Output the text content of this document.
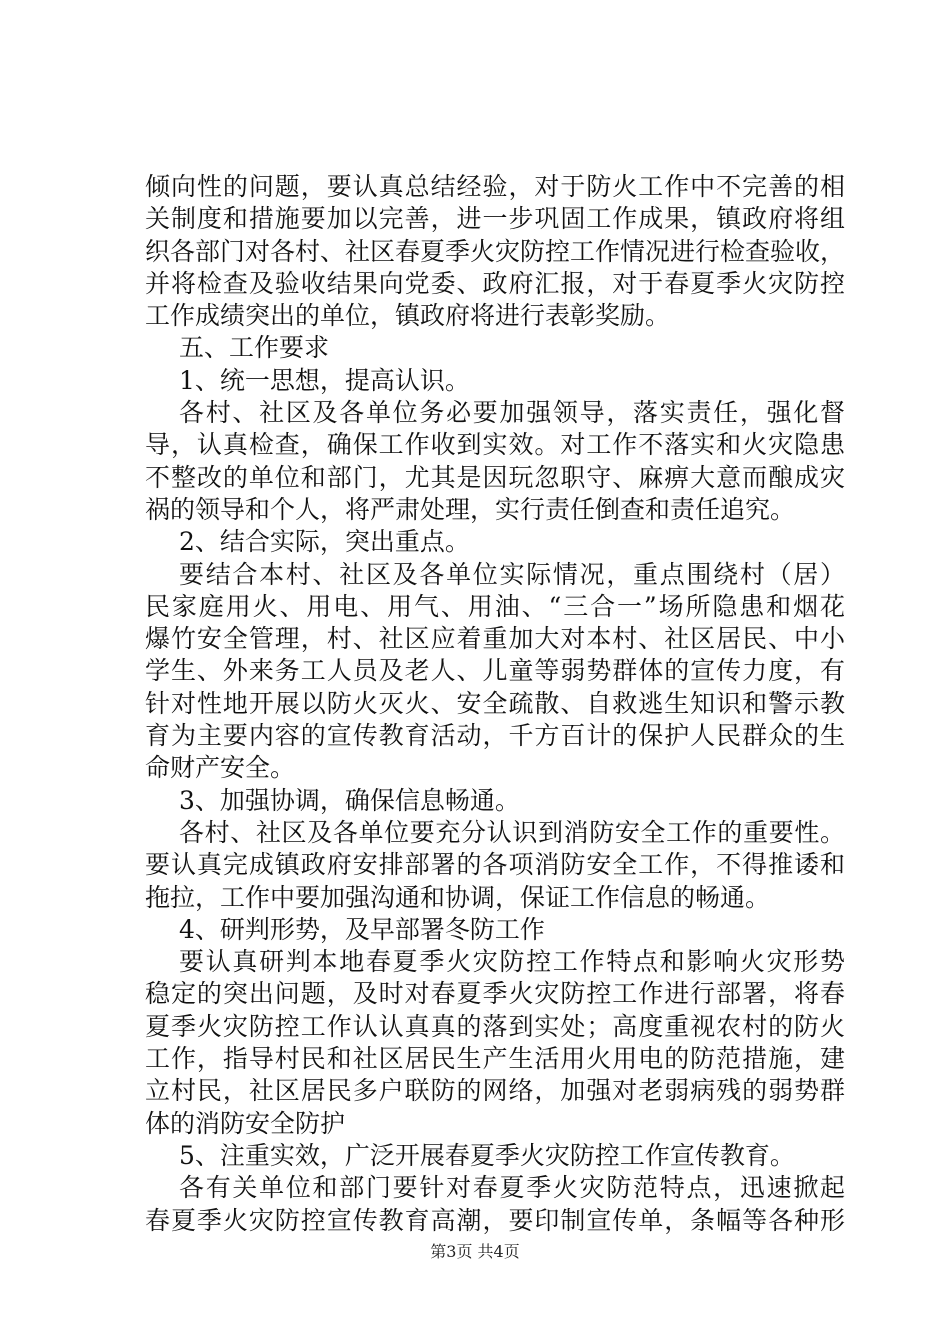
倾向性的问题，要认真总结经验，对于防火工作中不完善的相
关制度和措施要加以完善，进一步巩固工作成果，镇政府将组
织各部门对各村、社区春夏季火灾防控工作情况进行检查验收，
并将检查及验收结果向党委、政府汇报，对于春夏季火灾防控
工作成绩突出的单位，镇政府将进行表彰奖励。
五、工作要求
1、统一思想，提高认识。
各村、社区及各单位务必要加强领导，落实责任，强化督
导，认真检查，确保工作收到实效。对工作不落实和火灾隐患
不整改的单位和部门，尤其是因玩忽职守、麻痹大意而酿成灾
祸的领导和个人，将严肃处理，实行责任倒查和责任追究。
2、结合实际，突出重点。
要结合本村、社区及各单位实际情况，重点围绕村（居）
民家庭用火、用电、用气、用油、“三合一”场所隐患和烟花
爆竹安全管理，村、社区应着重加大对本村、社区居民、中小
学生、外来务工人员及老人、儿童等弱势群体的宣传力度，有
针对性地开展以防火灭火、安全疏散、自救逃生知识和警示教
育为主要内容的宣传教育活动，千方百计的保护人民群众的生
命财产安全。
3、加强协调，确保信息畅通。
各村、社区及各单位要充分认识到消防安全工作的重要性。
要认真完成镇政府安排部署的各项消防安全工作，不得推诿和
拖拉，工作中要加强沟通和协调，保证工作信息的畅通。
4、研判形势，及早部署冬防工作
要认真研判本地春夏季火灾防控工作特点和影响火灾形势
稳定的突出问题，及时对春夏季火灾防控工作进行部署，将春
夏季火灾防控工作认认真真的落到实处；高度重视农村的防火
工作，指导村民和社区居民生产生活用火用电的防范措施，建
立村民，社区居民多户联防的网络，加强对老弱病残的弱势群
体的消防安全防护
5、注重实效，广泛开展春夏季火灾防控工作宣传教育。
各有关单位和部门要针对春夏季火灾防范特点，迅速掀起
春夏季火灾防控宣传教育高潮，要印制宣传单，条幅等各种形
第3页 共4页
